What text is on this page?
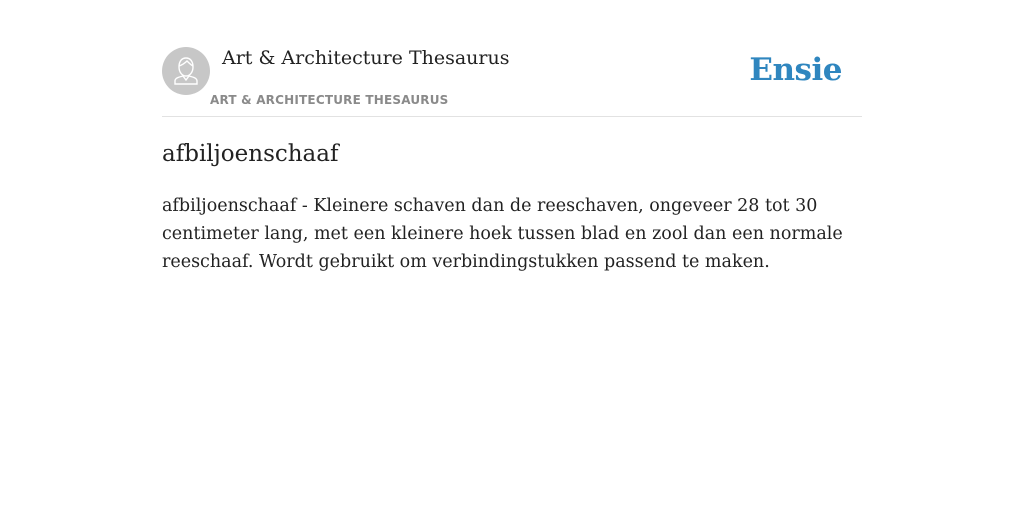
Art & Architecture Thesaurus
ART & ARCHITECTURE THESAURUS
Ensie
afbiljoenschaaf

afbiljoenschaaf - Kleinere schaven dan de reeschaven, ongeveer 28 tot 30 centimeter lang, met een kleinere hoek tussen blad en zool dan een normale reeschaaf. Wordt gebruikt om verbindingstukken passend te maken.
